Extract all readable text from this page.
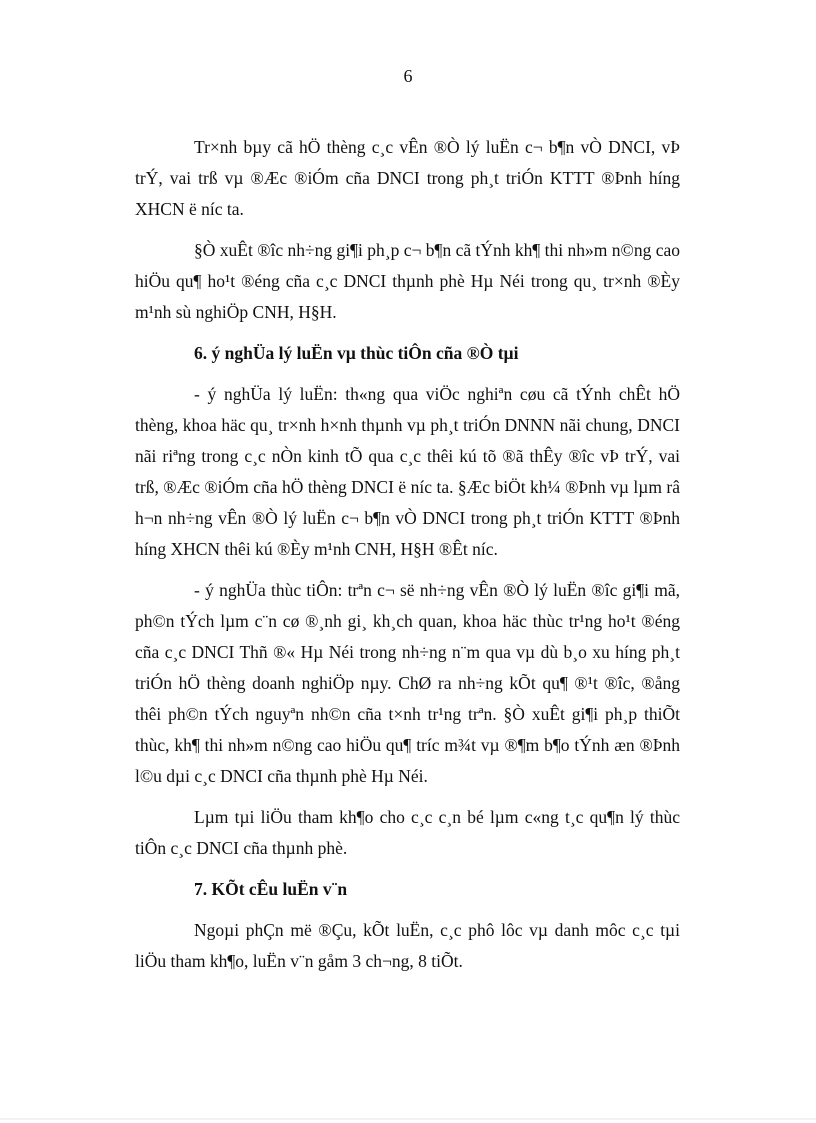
6

Tr×nh bµy cã hÖ thèng c¸c vÊn ®Ò lý luËn c¬ b¶n vÒ DNCI, vÞ trÝ, vai trß vµ ®Æc ®iÓm cña DNCI trong ph¸t triÓn KTTT ®Þnh híng XHCN ë níc ta.

§Ò xuÊt ®îc nh÷ng gi¶i ph¸p c¬ b¶n cã tÝnh kh¶ thi nh»m n©ng cao hiÖu qu¶ ho¹t ®éng cña c¸c DNCI thµnh phè Hµ Néi trong qu¸ tr×nh ®Èy m¹nh sù nghiÖp CNH, H§H.

6. ý nghÜa lý luËn vµ thùc tiÔn cña ®Ò tµi

- ý nghÜa lý luËn: th«ng qua viÖc nghiªn cøu cã tÝnh chÊt hÖ thèng, khoa häc qu¸ tr×nh h×nh thµnh vµ ph¸t triÓn DNNN nãi chung, DNCI nãi riªng trong c¸c nÒn kinh tÕ qua c¸c thêi kú tõ ®ã thÊy ®îc vÞ trÝ, vai trß, ®Æc ®iÓm cña hÖ thèng DNCI ë níc ta. §Æc biÖt kh¼ ®Þnh vµ lµm râ h¬n nh÷ng vÊn ®Ò lý luËn c¬ b¶n vÒ DNCI trong ph¸t triÓn KTTT ®Þnh híng XHCN thêi kú ®Èy m¹nh CNH, H§H ®Êt níc.

- ý nghÜa thùc tiÔn: trªn c¬ së nh÷ng vÊn ®Ò lý luËn ®îc gi¶i mã, ph©n tÝch lµm c¨n cø ®¸nh gi¸ kh¸ch quan, khoa häc thùc tr¹ng ho¹t ®éng cña c¸c DNCI Thñ ®« Hµ Néi trong nh÷ng n¨m qua vµ dù b¸o xu híng ph¸t triÓn hÖ thèng doanh nghiÖp nµy. ChØ ra nh÷ng kÕt qu¶ ®¹t ®îc, ®ång thêi ph©n tÝch nguyªn nh©n cña t×nh tr¹ng trªn. §Ò xuÊt gi¶i ph¸p thiÕt thùc, kh¶ thi nh»m n©ng cao hiÖu qu¶ tríc m¾t vµ ®¶m b¶o tÝnh æn ®Þnh l©u dµi c¸c DNCI cña thµnh phè Hµ Néi.

Lµm tµi liÖu tham kh¶o cho c¸c c¸n bé lµm c«ng t¸c qu¶n lý thùc tiÔn c¸c DNCI cña thµnh phè.

7. KÕt cÊu luËn v¨n

Ngoµi phÇn më ®Çu, kÕt luËn, c¸c phô lôc vµ danh môc c¸c tµi liÖu tham kh¶o, luËn v¨n gåm 3 ch¬ng, 8 tiÕt.
